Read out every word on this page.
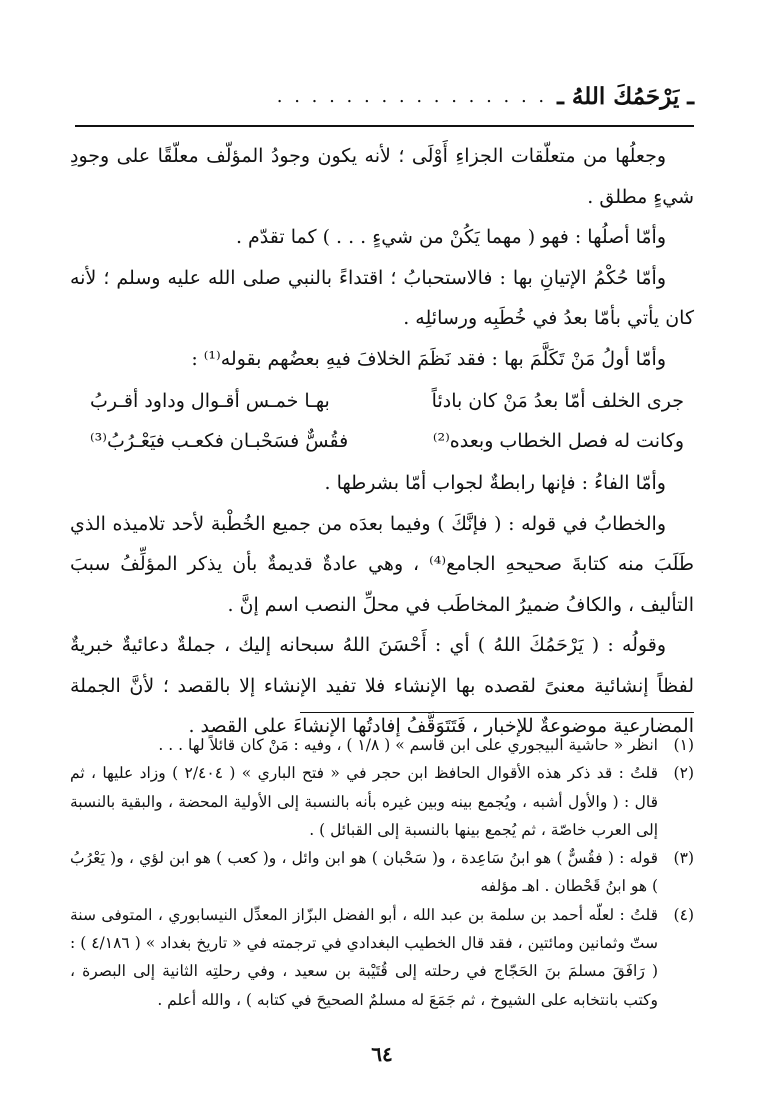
ـ يَرْحَمُكَ اللهُ ـ
. . . . . . . . . . . . . . . .

وجعلُها من متعلّقات الجزاءِ أَوْلَى ؛ لأنه يكون وجودُ المؤلّف معلّقًا على وجودِ شيءٍ مطلق .

وأمّا أصلُها : فهو ( مهما يَكُنْ من شيءٍ . . . ) كما تقدّم .

وأمّا حُكْمُ الإتيانِ بها : فالاستحبابُ ؛ اقتداءً بالنبي صلى الله عليه وسلم ؛ لأنه كان يأتي بأمّا بعدُ في خُطَبِه ورسائلِه .

وأمّا أولُ مَنْ تَكَلَّمَ بها : فقد نَظَمَ الخلافَ فيهِ بعضُهم بقوله⁽¹⁾ :

جرى الخلف أمّا بعدُ مَنْ كان بادئاً
بهـا خمـس أقـوال وداود أقـربُ
وكانت له فصل الخطاب وبعده⁽²⁾
فقُسٌّ فسَحْبـان فكعـب فيَعْـرُبُ⁽³⁾

وأمّا الفاءُ : فإنها رابطةٌ لجواب أمّا بشرطها .

والخطابُ في قوله : ( فإنَّكَ ) وفيما بعدَه من جميع الخُطْبة لأحد تلاميذه الذي طَلَبَ منه كتابةَ صحيحهِ الجامع⁽⁴⁾ ، وهي عادةٌ قديمةٌ بأن يذكر المؤلِّفُ سببَ التأليف ، والكافُ ضميرُ المخاطَب في محلِّ النصب اسم إنَّ .

وقولُه : ( يَرْحَمُكَ اللهُ ) أي : أَحْسَنَ اللهُ سبحانه إليك ، جملةٌ دعائيةٌ خبريةٌ لفظاً إنشائية معنىً لقصده بها الإنشاء فلا تفيد الإنشاء إلا بالقصد ؛ لأنَّ الجملة المضارعية موضوعةٌ للإخبار ، فَتَتَوَقَّفُ إفادتُها الإنشاءَ على القصد .

(١)
انظر « حاشية البيجوري على ابن قاسم » ( ١/٨ ) ، وفيه : مَنْ كان قائلاً لها . . .
(٢)
قلتُ : قد ذكر هذه الأقوال الحافظ ابن حجر في « فتح الباري » ( ٢/٤٠٤ ) وزاد عليها ، ثم قال : ( والأول أشبه ، ويُجمع بينه وبين غيره بأنه بالنسبة إلى الأولية المحضة ، والبقية بالنسبة إلى العرب خاصّة ، ثم يُجمع بينها بالنسبة إلى القبائل ) .
(٣)
قوله : ( فقُسٌّ ) هو ابنُ سَاعِدة ، و( سَحْبان ) هو ابن وائل ، و( كعب ) هو ابن لؤي ، و( يَعْرُبُ ) هو ابنُ قَحْطان . اهـ مؤلفه
(٤)
قلتُ : لعلّه أحمد بن سلمة بن عبد الله ، أبو الفضل البزّاز المعدِّل النيسابوري ، المتوفى سنة ستّ وثمانين ومائتين ، فقد قال الخطيب البغدادي في ترجمته في « تاريخ بغداد » ( ٤/١٨٦ ) : ( رَافَقَ مسلمَ بنَ الحَجّاج في رحلته إلى قُتَيْبة بن سعيد ، وفي رحلتِه الثانية إلى البصرة ، وكتب بانتخابه على الشيوخ ، ثم جَمَعَ له مسلمٌ الصحيحَ في كتابه ) ، والله أعلم .
٦٤
